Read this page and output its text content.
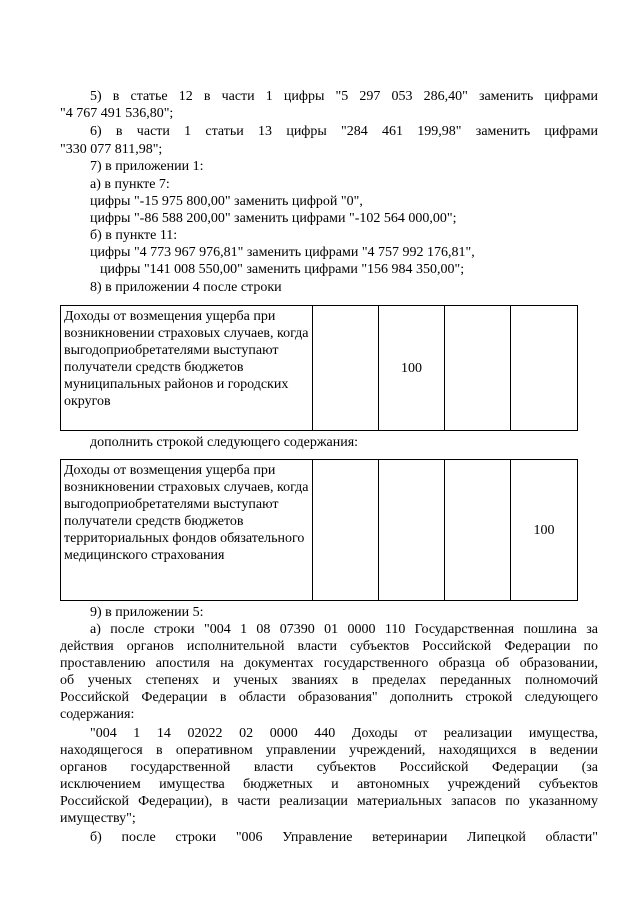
5) в статье 12 в части 1 цифры "5 297 053 286,40" заменить цифрами
"4 767 491 536,80";
6) в части 1 статьи 13 цифры "284 461 199,98" заменить цифрами
"330 077 811,98";
7) в приложении 1:
а) в пункте 7:
цифры "-15 975 800,00" заменить цифрой "0",
цифры "-86 588 200,00" заменить цифрами "-102 564 000,00";
б) в пункте 11:
цифры "4 773 967 976,81" заменить цифрами "4 757 992 176,81",
цифры "141 008 550,00" заменить цифрами "156 984 350,00";
8) в приложении 4 после строки
Доходы от возмещения ущерба при возникновении страховых случаев, когда выгодоприобретателями выступают получатели средств бюджетов муниципальных районов и городских округов		100		
дополнить строкой следующего содержания:
Доходы от возмещения ущерба при возникновении страховых случаев, когда выгодоприобретателями выступают получатели средств бюджетов территориальных фондов обязательного медицинского страхования				100
9) в приложении 5:
а) после строки "004 1 08 07390 01 0000 110 Государственная пошлина за
действия органов исполнительной власти субъектов Российской Федерации по
проставлению апостиля на документах государственного образца об образовании,
об ученых степенях и ученых званиях в пределах переданных полномочий
Российской Федерации в области образования" дополнить строкой следующего
содержания:
"004 1 14 02022 02 0000 440 Доходы от реализации имущества,
находящегося в оперативном управлении учреждений, находящихся в ведении
органов государственной власти субъектов Российской Федерации (за
исключением имущества бюджетных и автономных учреждений субъектов
Российской Федерации), в части реализации материальных запасов по указанному
имуществу";
б) после строки "006 Управление ветеринарии Липецкой области"
